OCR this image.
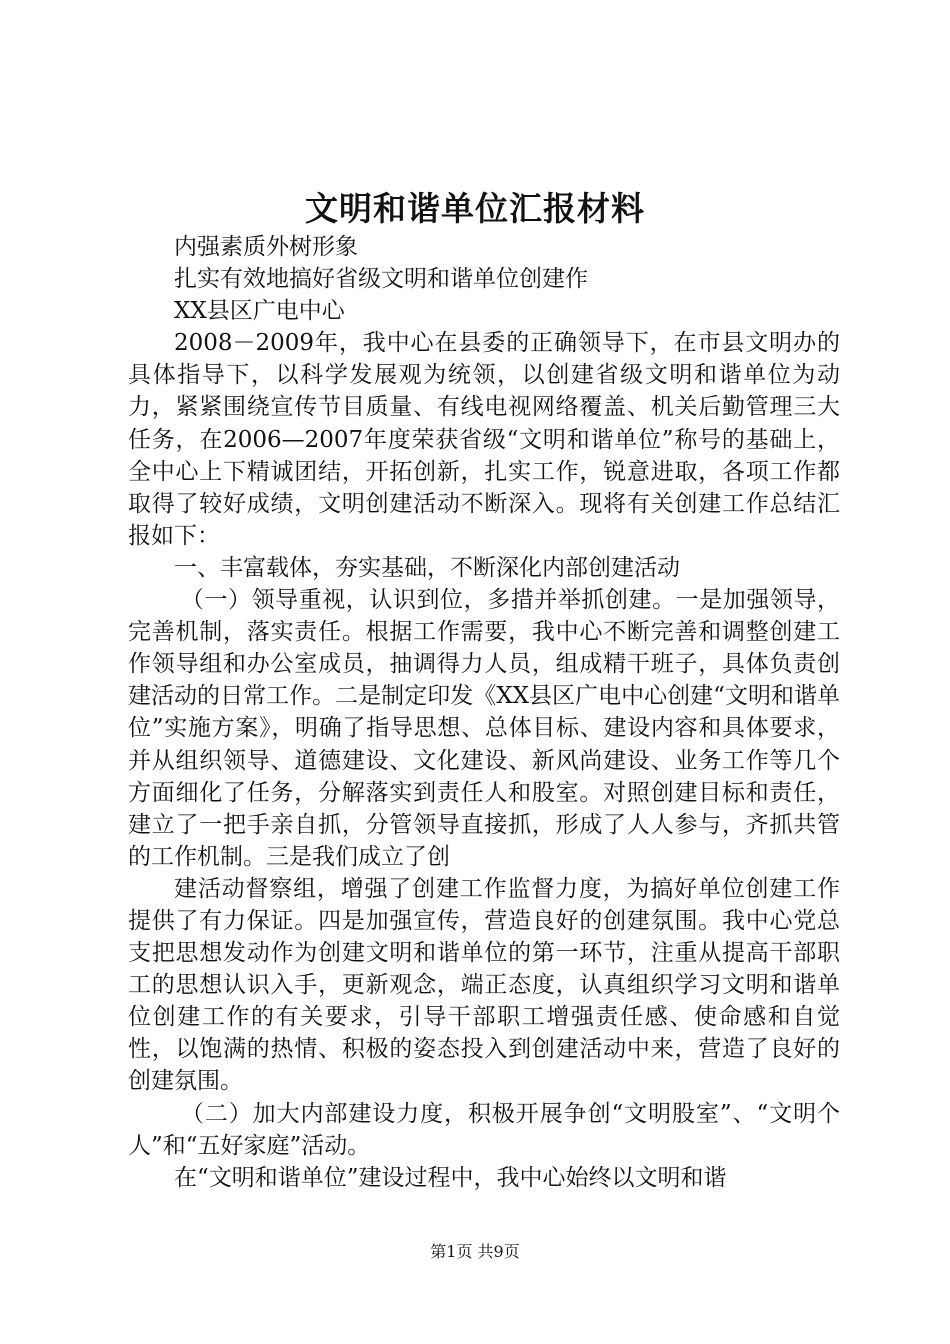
文明和谐单位汇报材料

内强素质外树形象

扎实有效地搞好省级文明和谐单位创建作

XX县区广电中心

2008－2009年，我中心在县委的正确领导下，在市县文明办的具体指导下，以科学发展观为统领，以创建省级文明和谐单位为动力，紧紧围绕宣传节目质量、有线电视网络覆盖、机关后勤管理三大任务，在2006—2007年度荣获省级“文明和谐单位”称号的基础上，全中心上下精诚团结，开拓创新，扎实工作，锐意进取，各项工作都取得了较好成绩，文明创建活动不断深入。现将有关创建工作总结汇报如下：

一、丰富载体，夯实基础，不断深化内部创建活动

（一）领导重视，认识到位，多措并举抓创建。一是加强领导，完善机制，落实责任。根据工作需要，我中心不断完善和调整创建工作领导组和办公室成员，抽调得力人员，组成精干班子，具体负责创建活动的日常工作。二是制定印发《XX县区广电中心创建“文明和谐单位”实施方案》，明确了指导思想、总体目标、建设内容和具体要求，并从组织领导、道德建设、文化建设、新风尚建设、业务工作等几个方面细化了任务，分解落实到责任人和股室。对照创建目标和责任，建立了一把手亲自抓，分管领导直接抓，形成了人人参与，齐抓共管的工作机制。三是我们成立了创

建活动督察组，增强了创建工作监督力度，为搞好单位创建工作提供了有力保证。四是加强宣传，营造良好的创建氛围。我中心党总支把思想发动作为创建文明和谐单位的第一环节，注重从提高干部职工的思想认识入手，更新观念，端正态度，认真组织学习文明和谐单位创建工作的有关要求，引导干部职工增强责任感、使命感和自觉性，以饱满的热情、积极的姿态投入到创建活动中来，营造了良好的创建氛围。

（二）加大内部建设力度，积极开展争创“文明股室”、“文明个人”和“五好家庭”活动。

在“文明和谐单位”建设过程中，我中心始终以文明和谐

第1页 共9页
